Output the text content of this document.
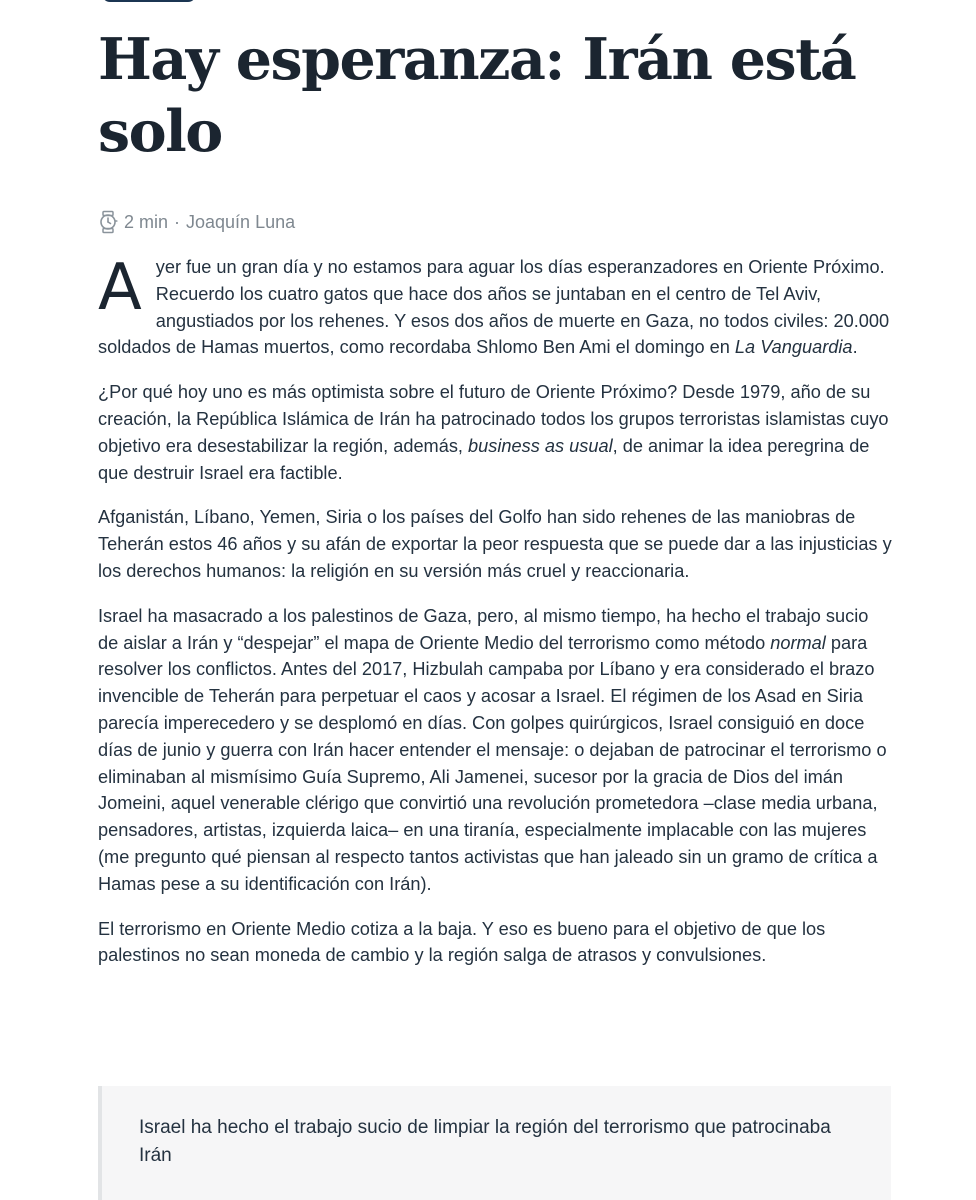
Hay esperanza: Irán está solo
2 min · Joaquín Luna

Ayer fue un gran día y no estamos para aguar los días esperanzadores en Oriente Próximo. Recuerdo los cuatro gatos que hace dos años se juntaban en el centro de Tel Aviv, angustiados por los rehenes. Y esos dos años de muerte en Gaza, no todos civiles: 20.000 soldados de Hamas muertos, como recordaba Shlomo Ben Ami el domingo en La Vanguardia.

¿Por qué hoy uno es más optimista sobre el futuro de Oriente Próximo? Desde 1979, año de su creación, la República Islámica de Irán ha patrocinado todos los grupos terroristas islamistas cuyo objetivo era desestabilizar la región, además, business as usual, de animar la idea peregrina de que destruir Israel era factible.

Afganistán, Líbano, Yemen, Siria o los países del Golfo han sido rehenes de las maniobras de Teherán estos 46 años y su afán de exportar la peor respuesta que se puede dar a las injusticias y los derechos humanos: la religión en su versión más cruel y reaccionaria.

Israel ha masacrado a los palestinos de Gaza, pero, al mismo tiempo, ha hecho el trabajo sucio de aislar a Irán y “despejar” el mapa de Oriente Medio del terrorismo como método normal para resolver los conflictos. Antes del 2017, Hizbulah campaba por Líbano y era considerado el brazo invencible de Teherán para perpetuar el caos y acosar a Israel. El régimen de los Asad en Siria parecía imperecedero y se desplomó en días. Con golpes quirúrgicos, Israel consiguió en doce días de junio y guerra con Irán hacer entender el mensaje: o dejaban de patrocinar el terrorismo o eliminaban al mismísimo Guía Supremo, Ali Jamenei, sucesor por la gracia de Dios del imán Jomeini, aquel venerable clérigo que convirtió una revolución prometedora –clase media urbana, pensadores, artistas, izquierda laica– en una tiranía, especialmente implacable con las mujeres (me pregunto qué piensan al respecto tantos activistas que han jaleado sin un gramo de crítica a Hamas pese a su identificación con Irán).

El terrorismo en Oriente Medio cotiza a la baja. Y eso es bueno para el objetivo de que los palestinos no sean moneda de cambio y la región salga de atrasos y convulsiones.

Israel ha hecho el trabajo sucio de limpiar la región del terrorismo que patrocinaba Irán
